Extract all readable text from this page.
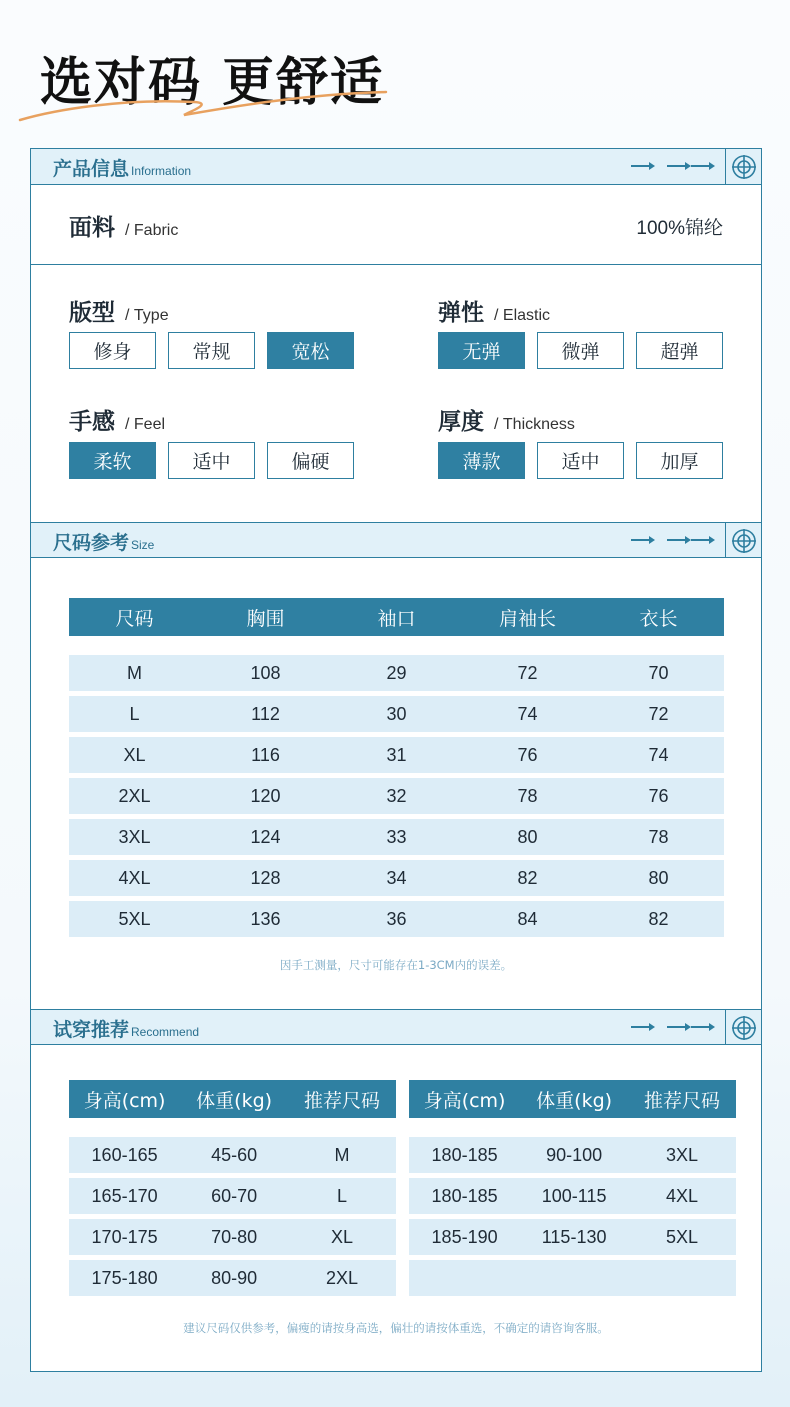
选对码 更舒适
产品信息 Information
面料 / Fabric	100%锦纶
版型 / Type
修身	常规	宽松
弹性 / Elastic
无弹	微弹	超弹
手感 / Feel
柔软	适中	偏硬
厚度 / Thickness
薄款	适中	加厚
尺码参考 Size
尺码	胸围	袖口	肩袖长	衣长

M	108	29	72	70
L	112	30	74	72
XL	116	31	76	74
2XL	120	32	78	76
3XL	124	33	80	78
4XL	128	34	82	80
5XL	136	36	84	82
因手工测量，尺寸可能存在1-3CM内的误差。
试穿推荐 Recommend
身高(cm)	体重(kg)	推荐尺码

160-165	45-60	M
165-170	60-70	L
170-175	70-80	XL
175-180	80-90	2XL
身高(cm)	体重(kg)	推荐尺码

180-185	90-100	3XL
180-185	100-115	4XL
185-190	115-130	5XL

建议尺码仅供参考，偏瘦的请按身高选，偏壮的请按体重选，不确定的请咨询客服。
